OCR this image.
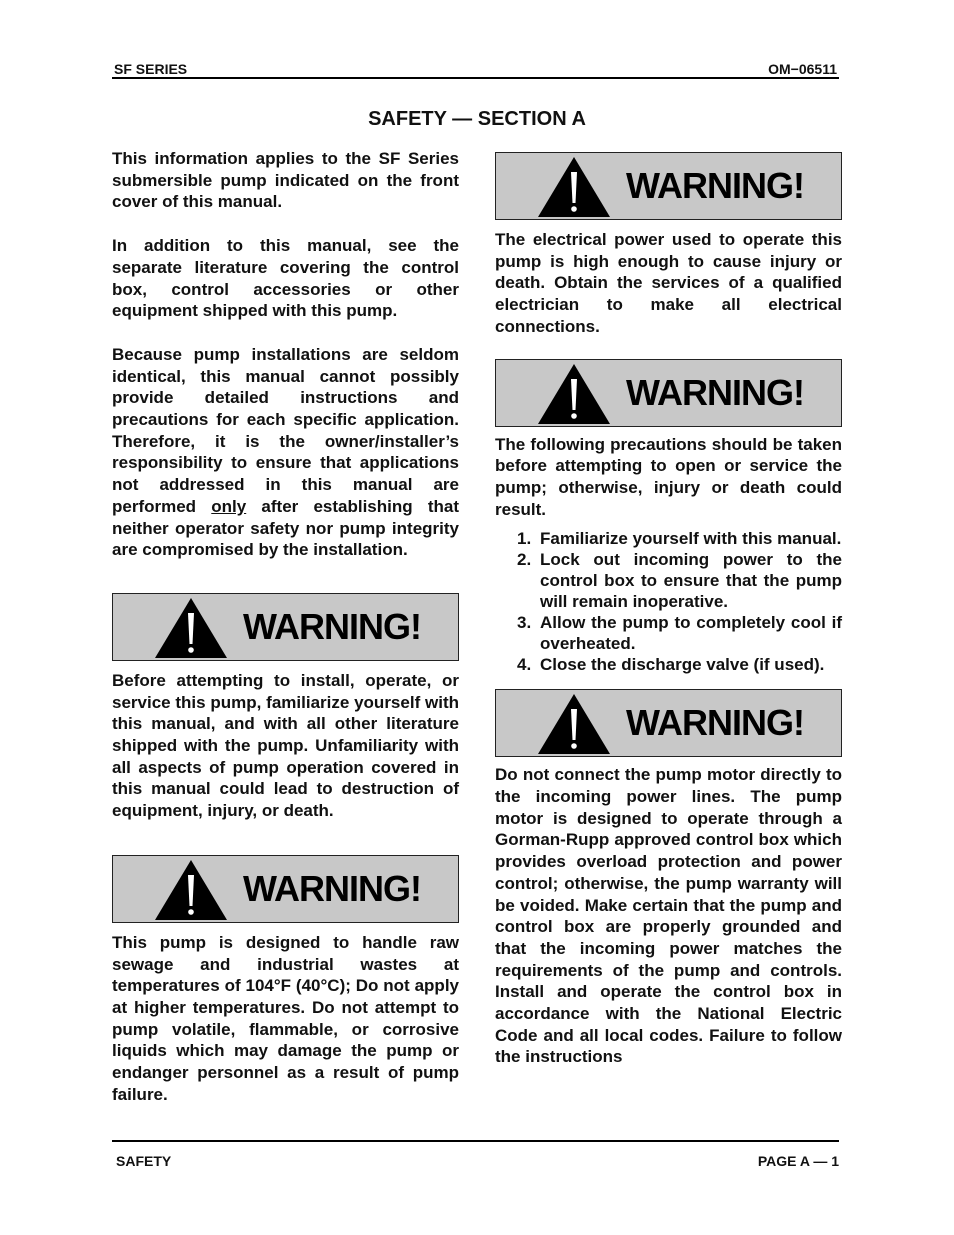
SF SERIES	OM−06511
SAFETY — SECTION A

This information applies to the SF Series submersible pump indicated on the front cover of this manual.

In addition to this manual, see the separate literature covering the control box, control accessories or other equipment shipped with this pump.

Because pump installations are seldom identical, this manual cannot possibly provide detailed instructions and precautions for each specific application. Therefore, it is the owner/installer’s responsibility to ensure that applications not addressed in this manual are performed only after establishing that neither operator safety nor pump integrity are compromised by the installation.

WARNING!

Before attempting to install, operate, or service this pump, familiarize yourself with this manual, and with all other literature shipped with the pump. Unfamiliarity with all aspects of pump operation covered in this manual could lead to destruction of equipment, injury, or death.

WARNING!

This pump is designed to handle raw sewage and industrial wastes at temperatures of 104°F (40°C); Do not apply at higher temperatures. Do not attempt to pump volatile, flammable, or corrosive liquids which may damage the pump or endanger personnel as a result of pump failure.

WARNING!

The electrical power used to operate this pump is high enough to cause injury or death. Obtain the services of a qualified electrician to make all electrical connections.

WARNING!

The following precautions should be taken before attempting to open or service the pump; otherwise, injury or death could result.

1. Familiarize yourself with this manual.
2. Lock out incoming power to the control box to ensure that the pump will remain inoperative.
3. Allow the pump to completely cool if overheated.
4. Close the discharge valve (if used).
WARNING!

Do not connect the pump motor directly to the incoming power lines. The pump motor is designed to operate through a Gorman-Rupp approved control box which provides overload protection and power control; otherwise, the pump warranty will be voided. Make certain that the pump and control box are properly grounded and that the incoming power matches the requirements of the pump and controls. Install and operate the control box in accordance with the National Electric Code and all local codes. Failure to follow the instructions

SAFETY	PAGE A — 1
